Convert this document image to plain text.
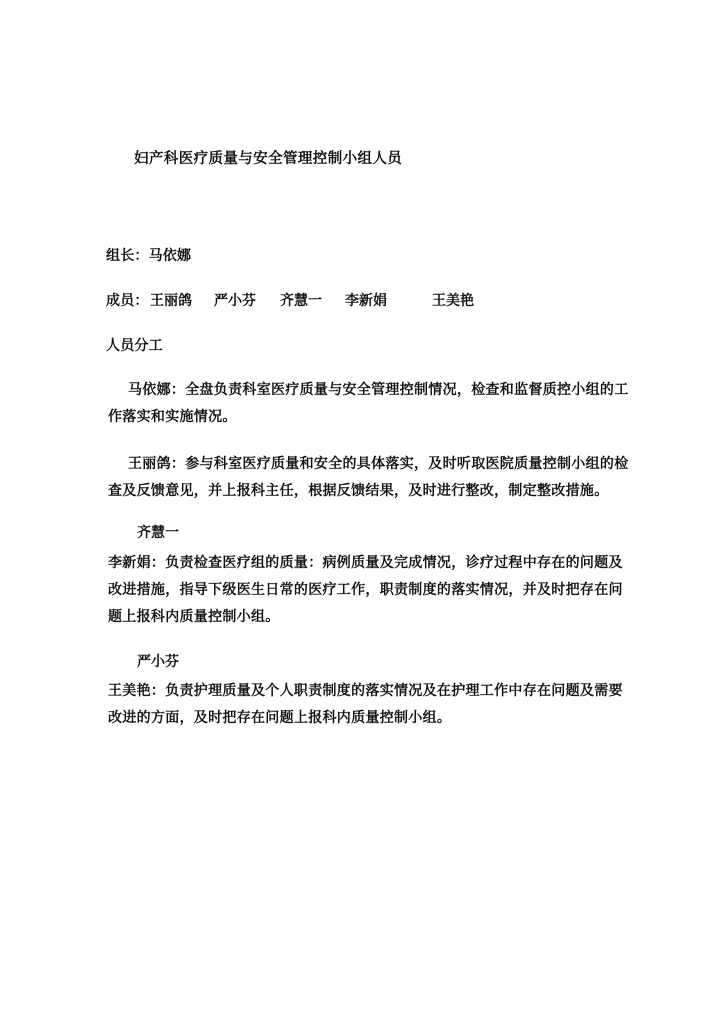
妇产科医疗质量与安全管理控制小组人员
组长：马依娜
成员： 王丽鸽 严小芬 齐慧一 李新娟	王美艳
人员分工
马依娜：全盘负责科室医疗质量与安全管理控制情况，检查和监督质控小组的工
作落实和实施情况。
王丽鸽：参与科室医疗质量和安全的具体落实，及时听取医院质量控制小组的检
查及反馈意见，并上报科主任，根据反馈结果，及时进行整改，制定整改措施。
齐慧一
李新娟：负责检查医疗组的质量：病例质量及完成情况，诊疗过程中存在的问题及
改进措施，指导下级医生日常的医疗工作，职责制度的落实情况，并及时把存在问
题上报科内质量控制小组。
严小芬
王美艳：负责护理质量及个人职责制度的落实情况及在护理工作中存在问题及需要
改进的方面，及时把存在问题上报科内质量控制小组。
